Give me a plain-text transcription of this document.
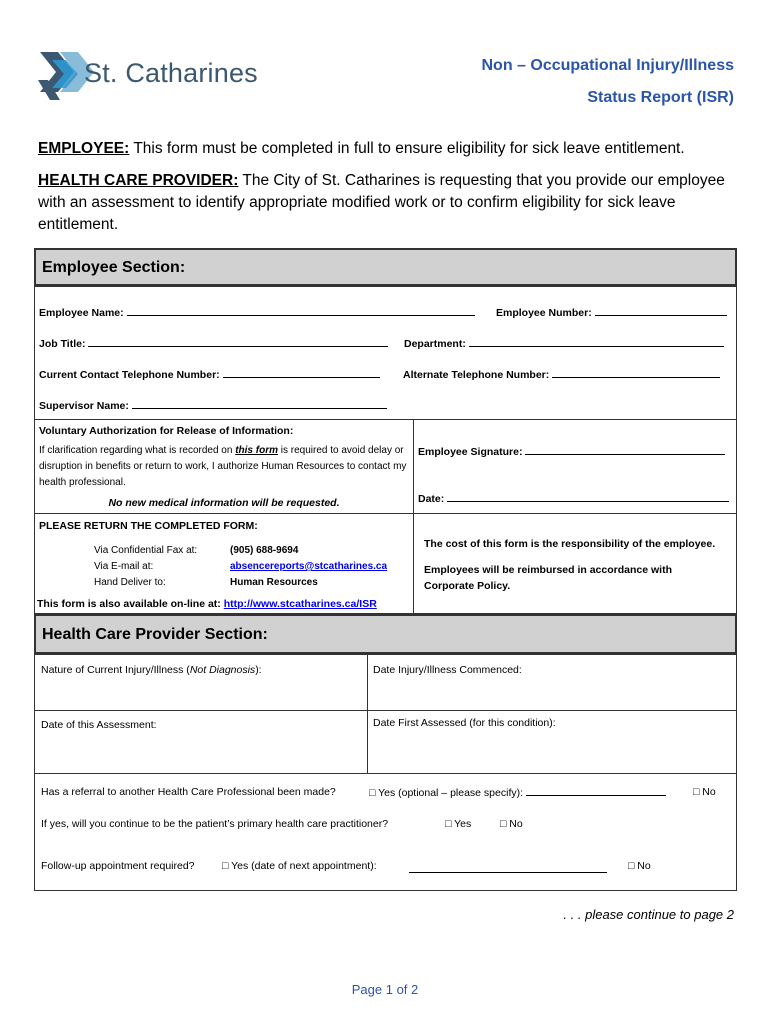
St. Catharines	Non – Occupational Injury/Illness
Status Report (ISR)
EMPLOYEE: This form must be completed in full to ensure eligibility for sick leave entitlement.
HEALTH CARE PROVIDER: The City of St. Catharines is requesting that you provide our employee with an assessment to identify appropriate modified work or to confirm eligibility for sick leave entitlement.
Employee Section:
Employee Name:	Employee Number:
Job Title:	Department:
Current Contact Telephone Number:	Alternate Telephone Number:
Supervisor Name:
Voluntary Authorization for Release of Information:
If clarification regarding what is recorded on this form is required to avoid delay or disruption in benefits or return to work, I authorize Human Resources to contact my health professional.
No new medical information will be requested.
Employee Signature:
Date:
PLEASE RETURN THE COMPLETED FORM:
Via Confidential Fax at:	(905) 688-9694
Via E-mail at:	absencereports@stcatharines.ca
Hand Deliver to:	Human Resources
This form is also available on-line at: http://www.stcatharines.ca/ISR
The cost of this form is the responsibility of the employee.
Employees will be reimbursed in accordance with Corporate Policy.
Health Care Provider Section:
Nature of Current Injury/Illness (Not Diagnosis):	Date Injury/Illness Commenced:
Date of this Assessment:	Date First Assessed (for this condition):
Has a referral to another Health Care Professional been made?	□ Yes (optional – please specify):	□ No
If yes, will you continue to be the patient’s primary health care practitioner?	□ Yes	□ No
Follow-up appointment required?	□ Yes (date of next appointment):	□ No
. . . please continue to page 2
Page 1 of 2
